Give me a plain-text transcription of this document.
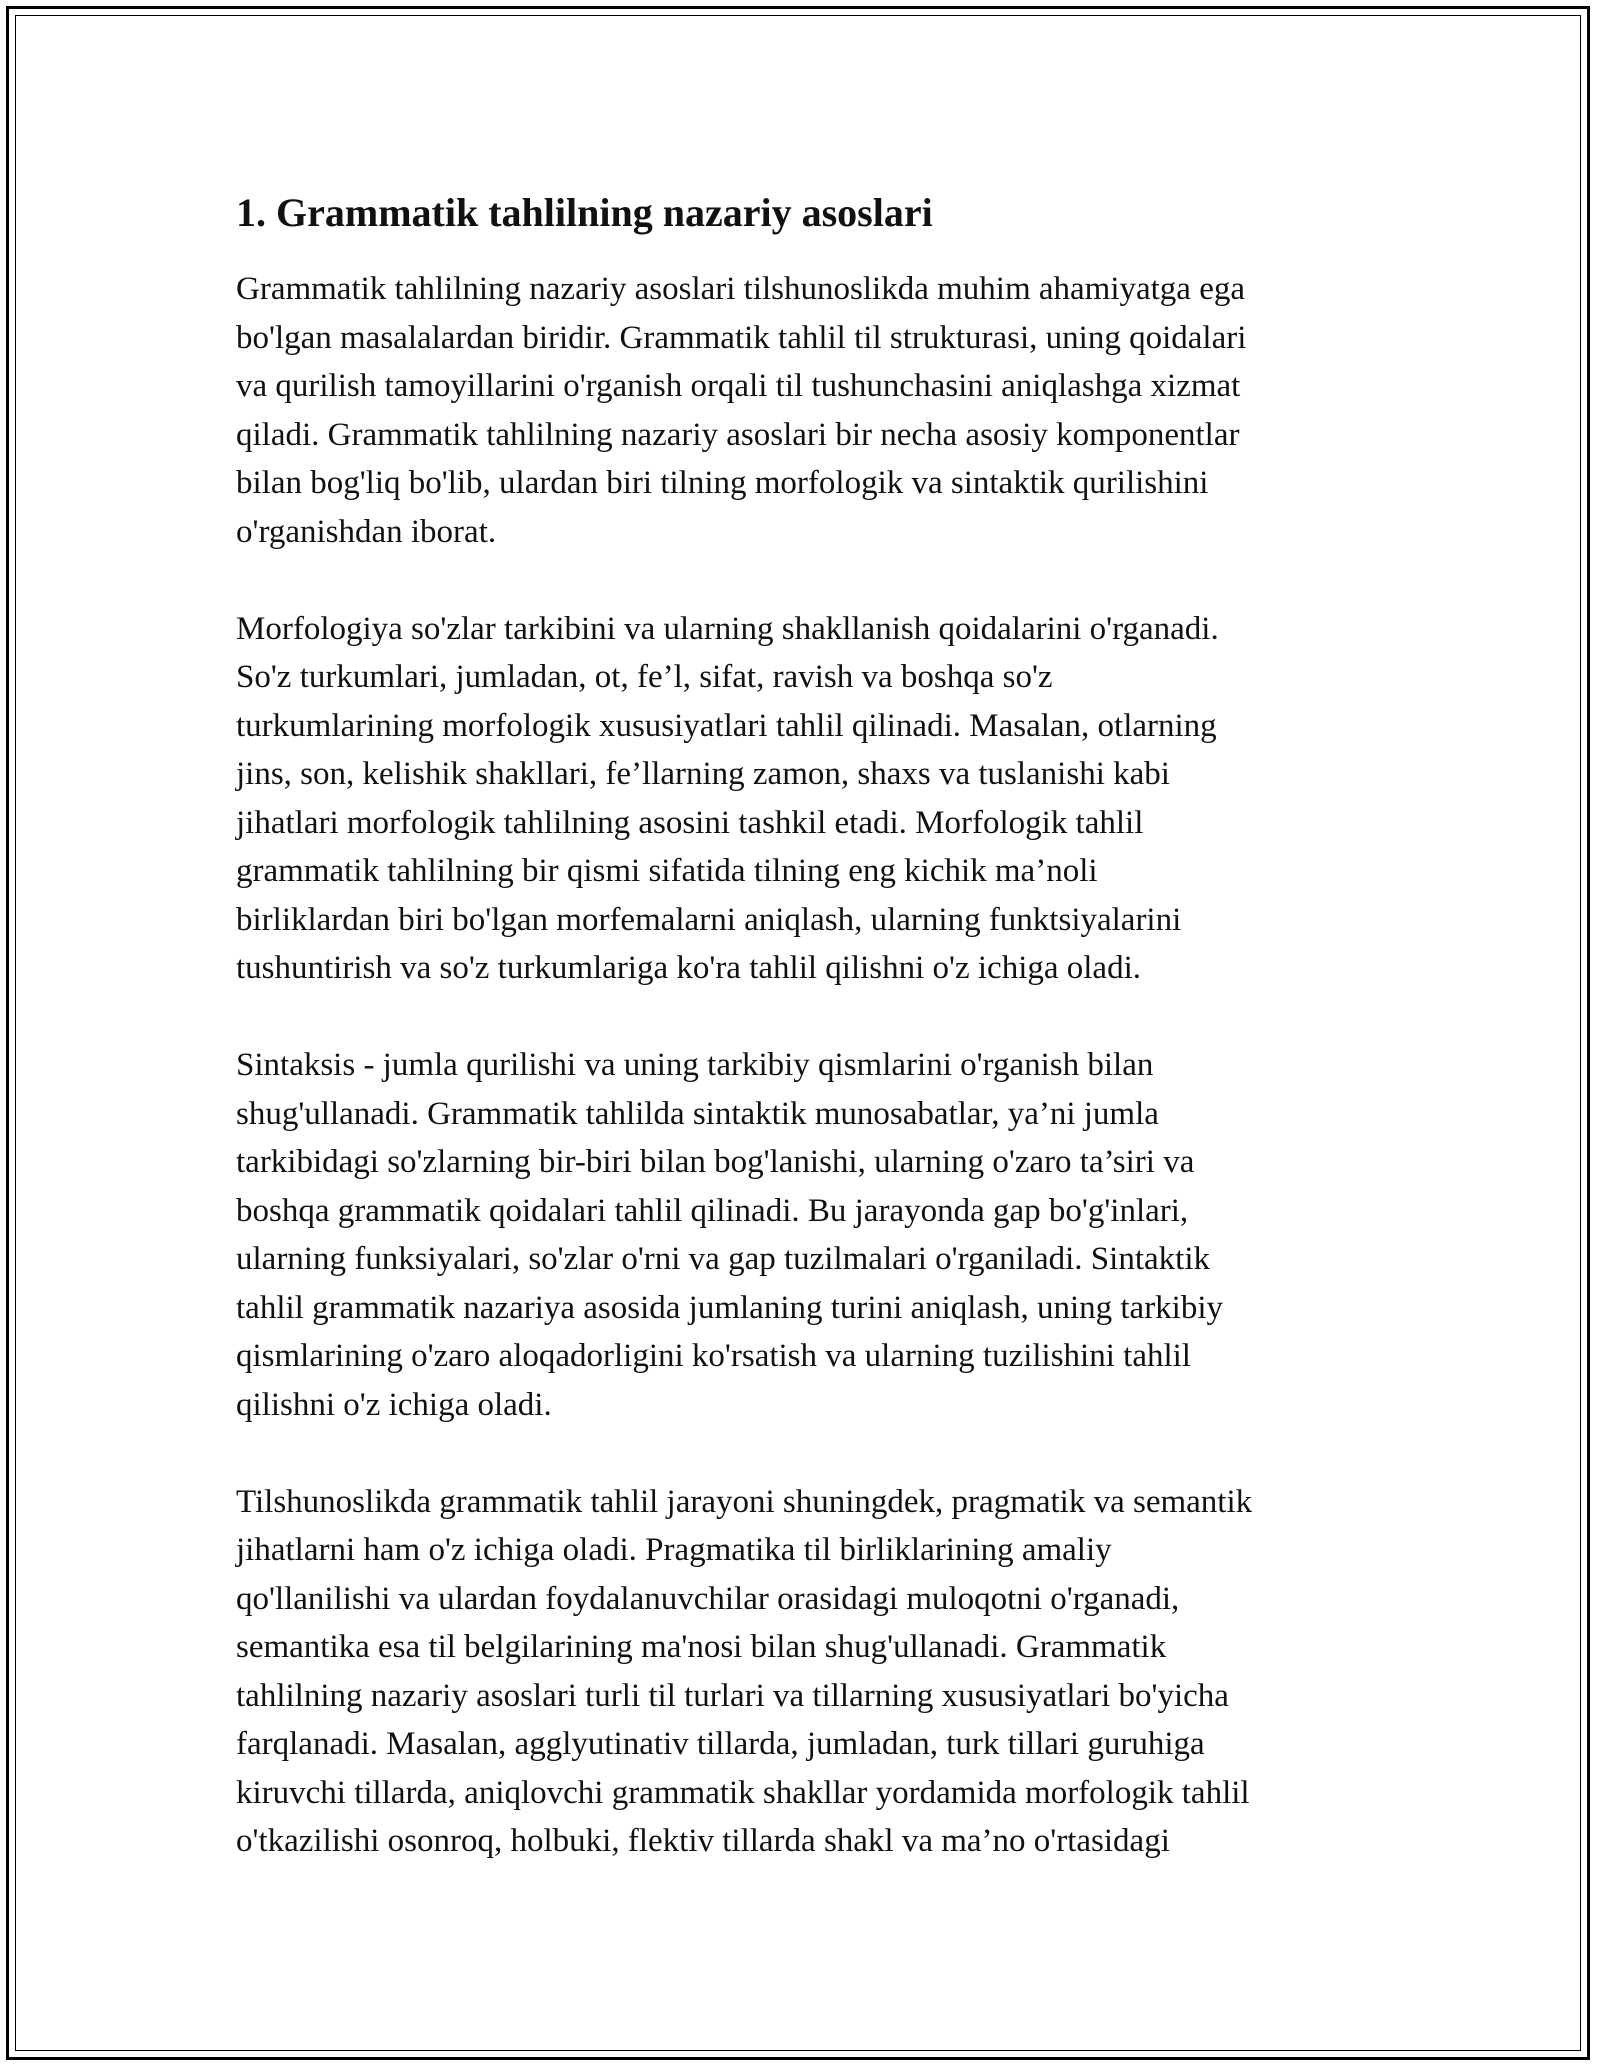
1. Grammatik tahlilning nazariy asoslari

Grammatik tahlilning nazariy asoslari tilshunoslikda muhim ahamiyatga ega
bo'lgan masalalardan biridir. Grammatik tahlil til strukturasi, uning qoidalari
va qurilish tamoyillarini o'rganish orqali til tushunchasini aniqlashga xizmat
qiladi. Grammatik tahlilning nazariy asoslari bir necha asosiy komponentlar
bilan bog'liq bo'lib, ulardan biri tilning morfologik va sintaktik qurilishini
o'rganishdan iborat.

Morfologiya so'zlar tarkibini va ularning shakllanish qoidalarini o'rganadi.
So'z turkumlari, jumladan, ot, fe’l, sifat, ravish va boshqa so'z
turkumlarining morfologik xususiyatlari tahlil qilinadi. Masalan, otlarning
jins, son, kelishik shakllari, fe’llarning zamon, shaxs va tuslanishi kabi
jihatlari morfologik tahlilning asosini tashkil etadi. Morfologik tahlil
grammatik tahlilning bir qismi sifatida tilning eng kichik ma’noli
birliklardan biri bo'lgan morfemalarni aniqlash, ularning funktsiyalarini
tushuntirish va so'z turkumlariga ko'ra tahlil qilishni o'z ichiga oladi.

Sintaksis - jumla qurilishi va uning tarkibiy qismlarini o'rganish bilan
shug'ullanadi. Grammatik tahlilda sintaktik munosabatlar, ya’ni jumla
tarkibidagi so'zlarning bir-biri bilan bog'lanishi, ularning o'zaro ta’siri va
boshqa grammatik qoidalari tahlil qilinadi. Bu jarayonda gap bo'g'inlari,
ularning funksiyalari, so'zlar o'rni va gap tuzilmalari o'rganiladi. Sintaktik
tahlil grammatik nazariya asosida jumlaning turini aniqlash, uning tarkibiy
qismlarining o'zaro aloqadorligini ko'rsatish va ularning tuzilishini tahlil
qilishni o'z ichiga oladi.

Tilshunoslikda grammatik tahlil jarayoni shuningdek, pragmatik va semantik
jihatlarni ham o'z ichiga oladi. Pragmatika til birliklarining amaliy
qo'llanilishi va ulardan foydalanuvchilar orasidagi muloqotni o'rganadi,
semantika esa til belgilarining ma'nosi bilan shug'ullanadi. Grammatik
tahlilning nazariy asoslari turli til turlari va tillarning xususiyatlari bo'yicha
farqlanadi. Masalan, agglyutinativ tillarda, jumladan, turk tillari guruhiga
kiruvchi tillarda, aniqlovchi grammatik shakllar yordamida morfologik tahlil
o'tkazilishi osonroq, holbuki, flektiv tillarda shakl va ma’no o'rtasidagi
